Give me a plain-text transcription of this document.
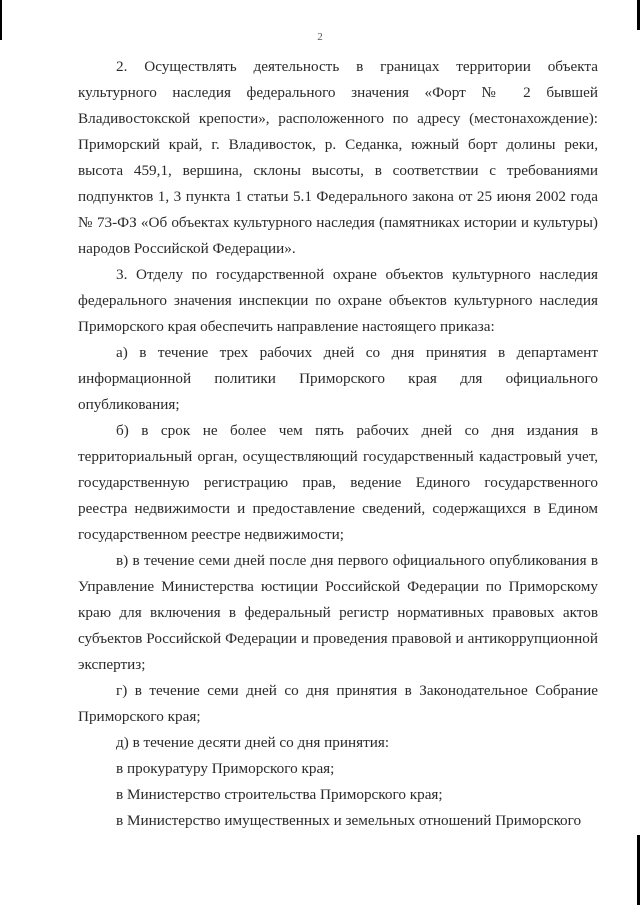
2

2. Осуществлять деятельность в границах территории объекта культурного наследия федерального значения «Форт № 2 бывшей Владивостокской крепости», расположенного по адресу (местонахождение): Приморский край, г. Владивосток, р. Седанка, южный борт долины реки, высота 459,1, вершина, склоны высоты, в соответствии с требованиями подпунктов 1, 3 пункта 1 статьи 5.1 Федерального закона от 25 июня 2002 года № 73-ФЗ «Об объектах культурного наследия (памятниках истории и культуры) народов Российской Федерации».

3. Отделу по государственной охране объектов культурного наследия федерального значения инспекции по охране объектов культурного наследия Приморского края обеспечить направление настоящего приказа:

а) в течение трех рабочих дней со дня принятия в департамент информационной политики Приморского края для официального опубликования;

б) в срок не более чем пять рабочих дней со дня издания в территориальный орган, осуществляющий государственный кадастровый учет, государственную регистрацию прав, ведение Единого государственного реестра недвижимости и предоставление сведений, содержащихся в Едином государственном реестре недвижимости;

в) в течение семи дней после дня первого официального опубликования в Управление Министерства юстиции Российской Федерации по Приморскому краю для включения в федеральный регистр нормативных правовых актов субъектов Российской Федерации и проведения правовой и антикоррупционной экспертиз;

г) в течение семи дней со дня принятия в Законодательное Собрание Приморского края;

д) в течение десяти дней со дня принятия:

в прокуратуру Приморского края;

в Министерство строительства Приморского края;

в Министерство имущественных и земельных отношений Приморского
